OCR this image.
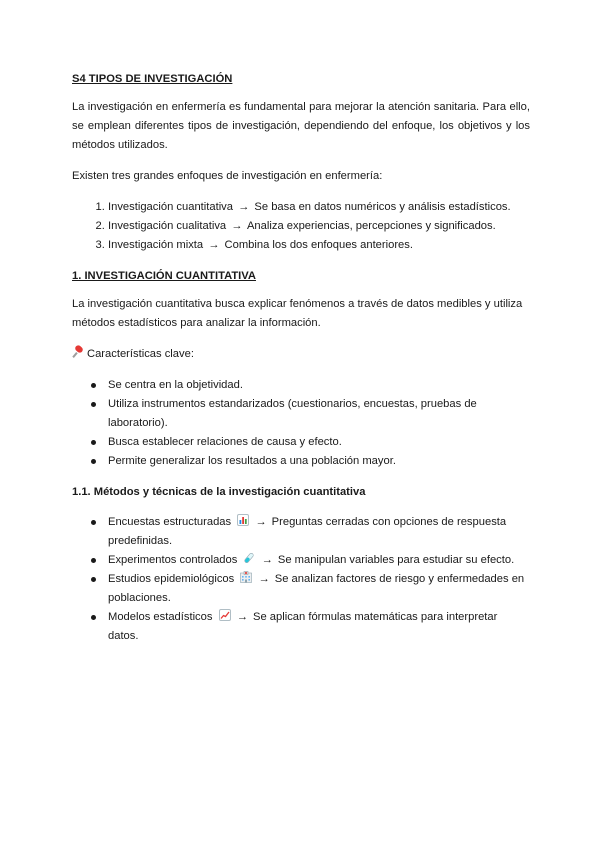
S4 TIPOS DE INVESTIGACIÓN

La investigación en enfermería es fundamental para mejorar la atención sanitaria. Para ello, se emplean diferentes tipos de investigación, dependiendo del enfoque, los objetivos y los métodos utilizados.

Existen tres grandes enfoques de investigación en enfermería:

1. Investigación cuantitativa → Se basa en datos numéricos y análisis estadísticos.
2. Investigación cualitativa → Analiza experiencias, percepciones y significados.
3. Investigación mixta → Combina los dos enfoques anteriores.
1. INVESTIGACIÓN CUANTITATIVA

La investigación cuantitativa busca explicar fenómenos a través de datos medibles y utiliza métodos estadísticos para analizar la información.

Características clave:

Se centra en la objetividad.
Utiliza instrumentos estandarizados (cuestionarios, encuestas, pruebas de laboratorio).
Busca establecer relaciones de causa y efecto.
Permite generalizar los resultados a una población mayor.
1.1. Métodos y técnicas de la investigación cuantitativa
Encuestas estructuradas → Preguntas cerradas con opciones de respuesta predefinidas.
Experimentos controlados → Se manipulan variables para estudiar su efecto.
Estudios epidemiológicos → Se analizan factores de riesgo y enfermedades en poblaciones.
Modelos estadísticos → Se aplican fórmulas matemáticas para interpretar datos.
